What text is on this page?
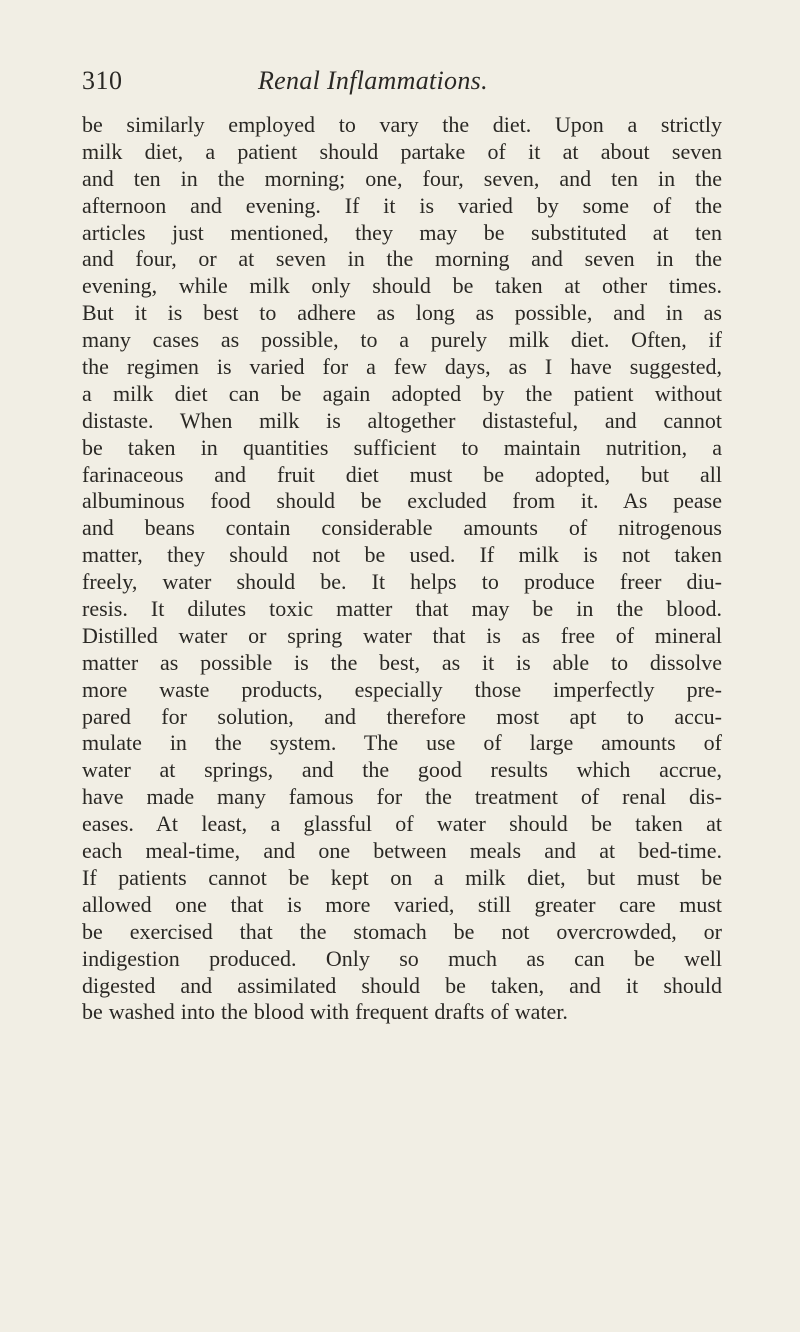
310	Renal Inflammations.
be similarly employed to vary the diet. Upon a strictly
milk diet, a patient should partake of it at about seven
and ten in the morning; one, four, seven, and ten in the
afternoon and evening. If it is varied by some of the
articles just mentioned, they may be substituted at ten
and four, or at seven in the morning and seven in the
evening, while milk only should be taken at other times.
But it is best to adhere as long as possible, and in as
many cases as possible, to a purely milk diet. Often, if
the regimen is varied for a few days, as I have suggested,
a milk diet can be again adopted by the patient without
distaste. When milk is altogether distasteful, and cannot
be taken in quantities sufficient to maintain nutrition, a
farinaceous and fruit diet must be adopted, but all
albuminous food should be excluded from it. As pease
and beans contain considerable amounts of nitrogenous
matter, they should not be used. If milk is not taken
freely, water should be. It helps to produce freer diu-
resis. It dilutes toxic matter that may be in the blood.
Distilled water or spring water that is as free of mineral
matter as possible is the best, as it is able to dissolve
more waste products, especially those imperfectly pre-
pared for solution, and therefore most apt to accu-
mulate in the system. The use of large amounts of
water at springs, and the good results which accrue,
have made many famous for the treatment of renal dis-
eases. At least, a glassful of water should be taken at
each meal-time, and one between meals and at bed-time.
If patients cannot be kept on a milk diet, but must be
allowed one that is more varied, still greater care must
be exercised that the stomach be not overcrowded, or
indigestion produced. Only so much as can be well
digested and assimilated should be taken, and it should
be washed into the blood with frequent drafts of water.
